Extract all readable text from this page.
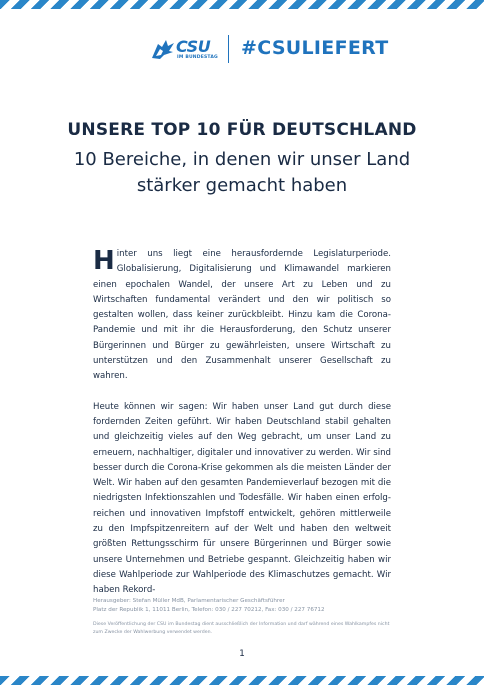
CSU
IM BUNDESTAG #CSULIEFERT
UNSERE TOP 10 FÜR DEUTSCHLAND
10 Bereiche, in denen wir unser Land stärker gemacht haben

Hinter uns liegt eine herausfordernde Legislaturperiode. Globalisierung, Digitalisierung und Klimawandel markieren einen epochalen Wandel, der unsere Art zu Leben und zu Wirtschaften fundamental verändert und den wir politisch so gestalten wollen, dass keiner zurückbleibt. Hinzu kam die Corona-Pandemie und mit ihr die Herausforderung, den Schutz unserer Bürgerinnen und Bürger zu gewährleisten, unsere Wirtschaft zu unterstützen und den Zusammenhalt unserer Gesellschaft zu wahren.

Heute können wir sagen: Wir haben unser Land gut durch diese fordernden Zeiten geführt. Wir haben Deutschland stabil gehalten und gleichzeitig vieles auf den Weg gebracht, um unser Land zu erneuern, nachhaltiger, digitaler und innovativer zu werden. Wir sind besser durch die Corona-Krise gekommen als die meisten Länder der Welt. Wir haben auf den gesamten Pandemieverlauf bezogen mit die niedrigsten Infektionszahlen und Todesfälle. Wir haben einen erfolg-reichen und innovativen Impfstoff entwickelt, gehören mittlerweile zu den Impfspitzenreitern auf der Welt und haben den weltweit größten Rettungsschirm für unsere Bürgerinnen und Bürger sowie unsere Unternehmen und Betriebe gespannt. Gleichzeitig haben wir diese Wahlperiode zur Wahlperiode des Klimaschutzes gemacht. Wir haben Rekord-

Herausgeber: Stefan Müller MdB, Parlamentarischer Geschäftsführer
Platz der Republik 1, 11011 Berlin, Telefon: 030 / 227 70212, Fax: 030 / 227 76712
Diese Veröffentlichung der CSU im Bundestag dient ausschließlich der Information und darf während eines Wahlkampfes nicht zum Zwecke der Wahlwerbung verwendet werden.
1
